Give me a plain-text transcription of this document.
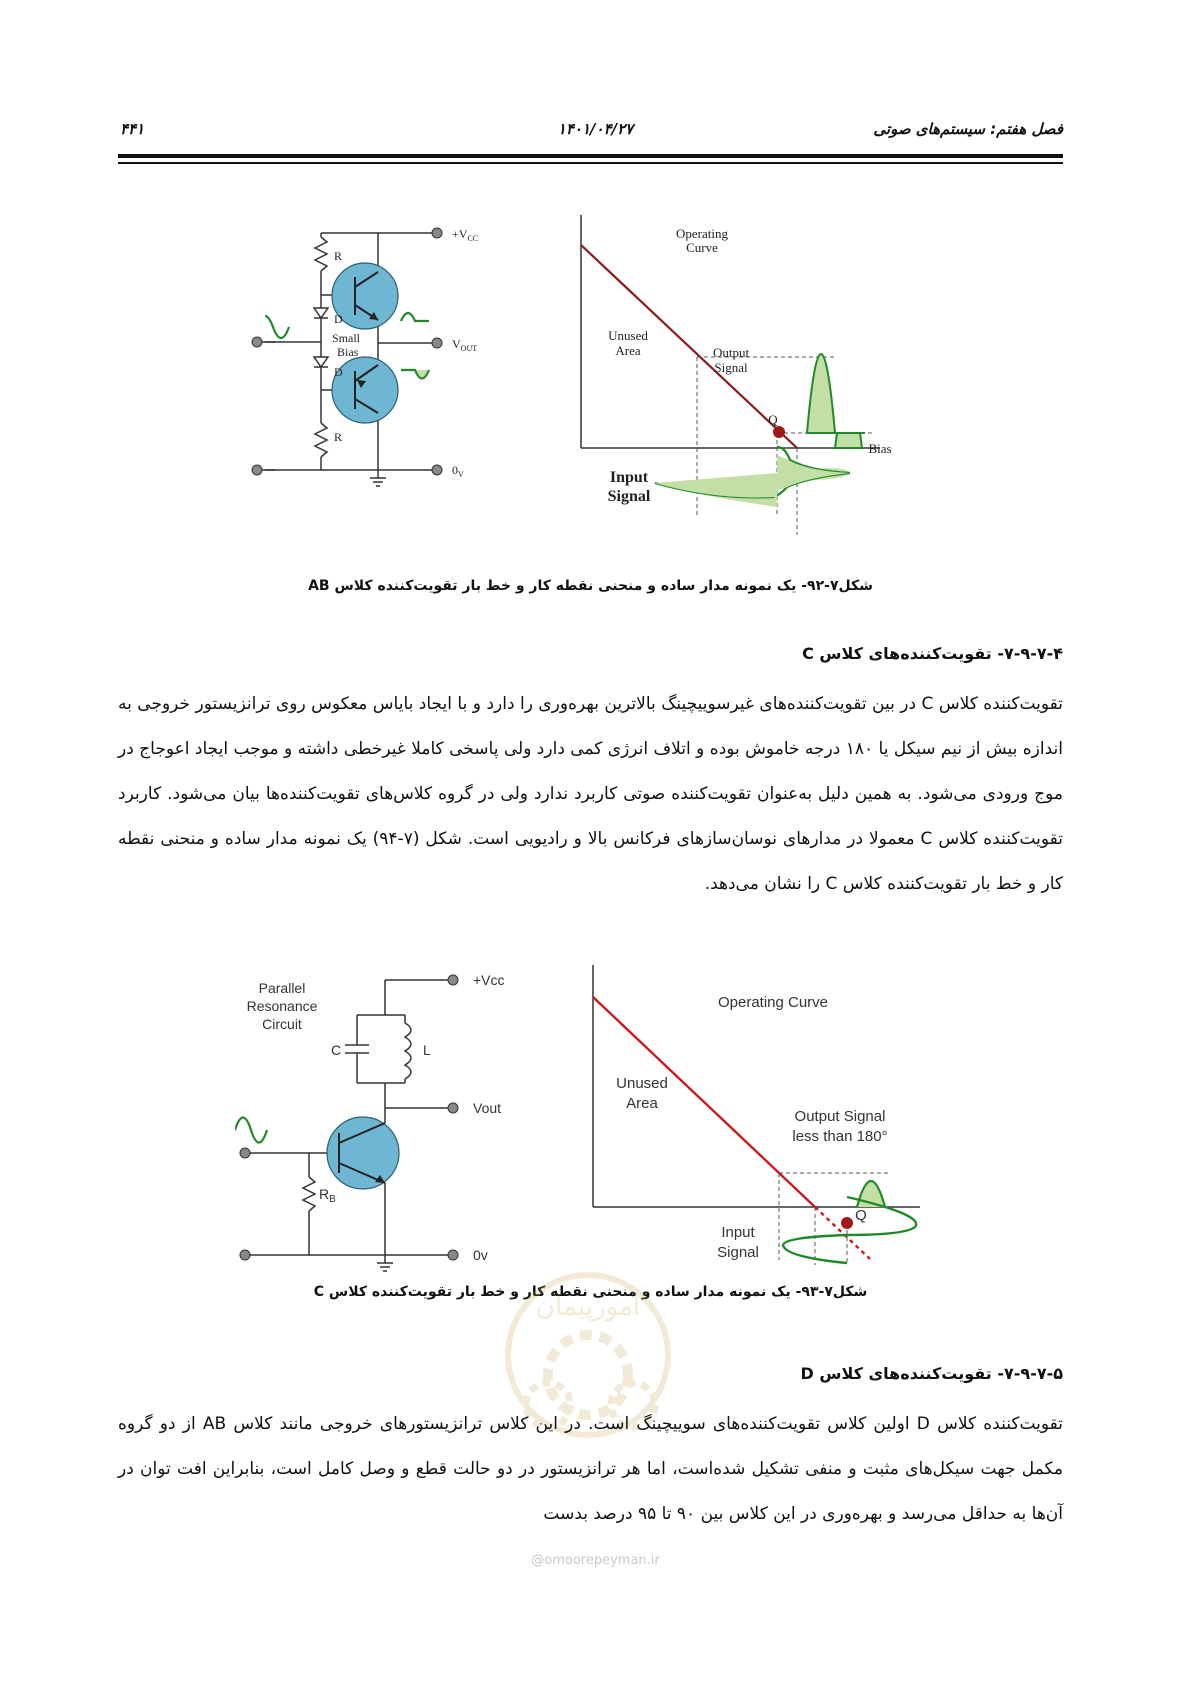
فصل هفتم: سیستم‌های صوتی
۱۴۰۱/۰۴/۲۷
۴۴۱
$+V_{CC}$
$V_{OUT}$
$0_V$
R
R
D
D
Small
Bias
Operating
Curve
Unused
Area	Output
Signal
Q
Bias
Input
Signal
شکل۷-۹۲- یک نمونه مدار ساده و منحنی نقطه کار و خط بار تقویت‌کننده کلاس AB
۷-۹-۷-۴- تقویت‌کننده‌های کلاس C

تقویت‌کننده کلاس C در بین تقویت‌کننده‌های غیرسوییچینگ بالاترین بهره‌وری را دارد و با ایجاد بایاس معکوس روی ترانزیستور خروجی به اندازه بیش از نیم سیکل یا ۱۸۰ درجه خاموش بوده و اتلاف انرژی کمی دارد ولی پاسخی کاملا غیرخطی داشته و موجب ایجاد اعوجاج در موج ورودی می‌شود. به همین دلیل به‌عنوان تقویت‌کننده صوتی کاربرد ندارد ولی در گروه کلاس‌های تقویت‌کننده‌ها بیان می‌شود. کاربرد تقویت‌کننده کلاس C معمولا در مدارهای نوسان‌سازهای فرکانس بالا و رادیویی است. شکل (۷-۹۴) یک نمونه مدار ساده و منحنی نقطه کار و خط بار تقویت‌کننده کلاس C را نشان می‌دهد.

Parallel
Resonance
Circuit
+Vcc
Vout
0v
C	L
$R_B$
Operating Curve
Unused
Area
Output Signal
less than 180°
Q
Input
Signal
شکل۷-۹۳- یک نمونه مدار ساده و منحنی نقطه کار و خط بار تقویت‌کننده کلاس C
امورپیمان
۷-۹-۷-۵- تقویت‌کننده‌های کلاس D

تقویت‌کننده کلاس D اولین کلاس تقویت‌کننده‌های سوییچینگ است. در این کلاس ترانزیستورهای خروجی مانند کلاس AB از دو گروه مکمل جهت سیکل‌های مثبت و منفی تشکیل شده‌است، اما هر ترانزیستور در دو حالت قطع و وصل کامل است، بنابراین افت توان در آن‌ها به حداقل می‌رسد و بهره‌وری در این کلاس بین ۹۰ تا ۹۵ درصد بدست

@omoorepeyman.ir
